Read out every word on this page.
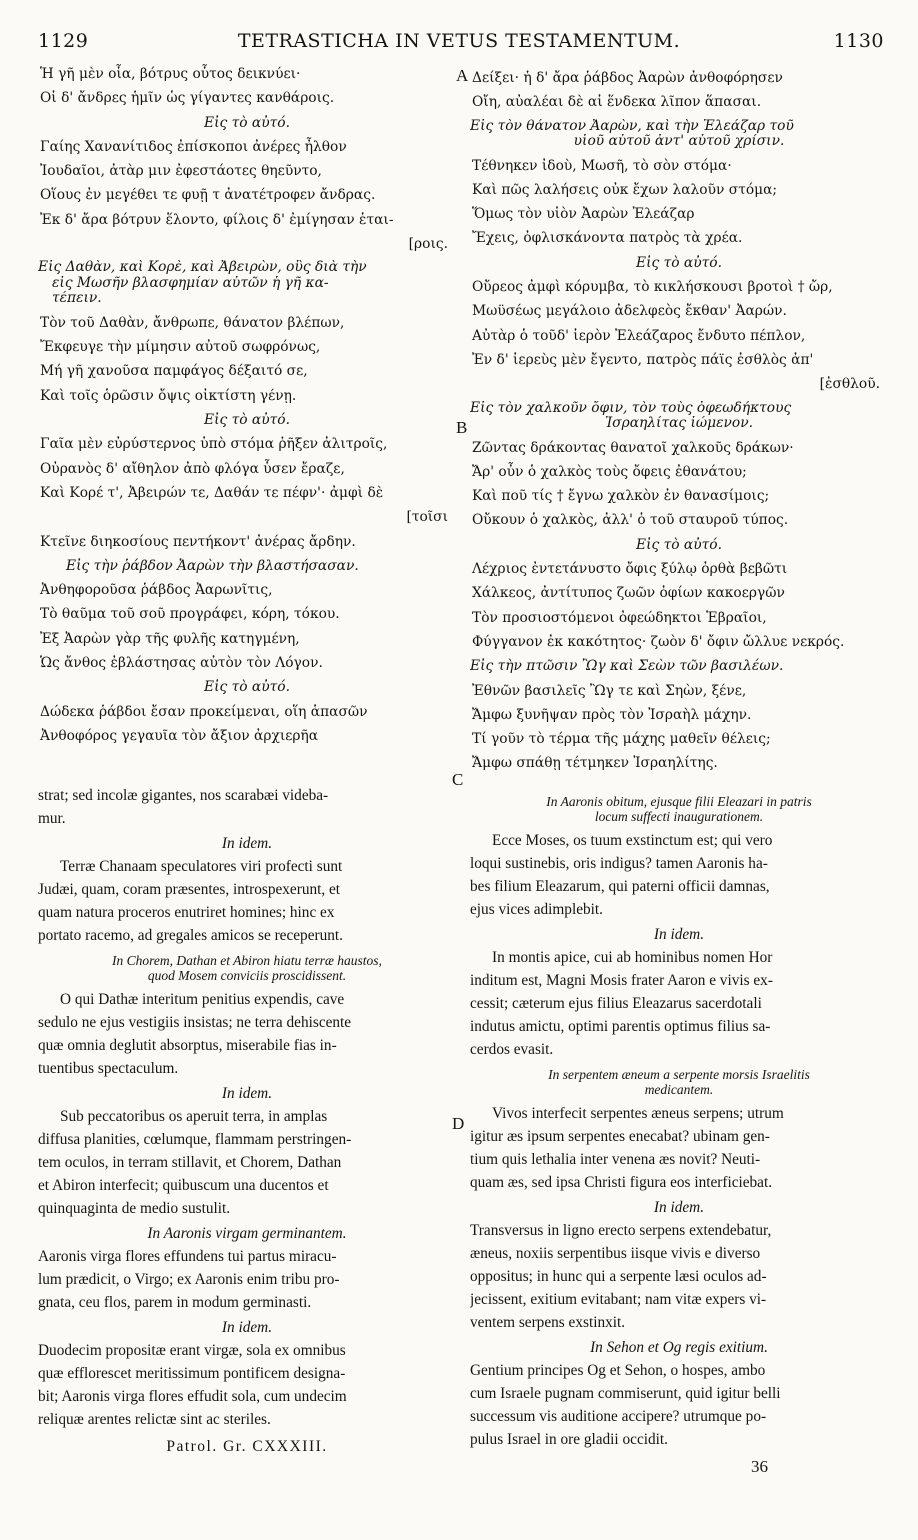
1129	TETRASTICHA IN VETUS TESTAMENTUM.	1130
A
B
C
D
Ἡ γῆ μὲν οἷα, βότρυς οὗτος δεικνύει·
Οἱ δ' ἄνδρες ἡμῖν ὡς γίγαντες κανθάροις.
Εἰς τὸ αὐτό.
Γαίης Χαναν‍ίτιδος ἐπίσκοποι ἀνέρες ἦλθον
Ἰουδαῖοι, ἀτὰρ μιν ἐφεστάοτες θηεῦντο,
Οἵους ἐν μεγέθει τε φυῇ τ ἀνατέτροφεν ἄνδρας.
Ἐκ δ' ἄρα βότρυν ἕλοντο, φίλοις δ' ἐμίγησαν ἑται-
[ροις.
Εἰς Δαθὰν, καὶ Κορὲ, καὶ Ἀβειρὼν, οὓς διὰ τὴν
εἰς Μωσῆν βλασφημίαν αὐτῶν ἡ γῆ κα-
τέπειν.
Τὸν τοῦ Δαθὰν, ἄνθρωπε, θάνατον βλέπων,
Ἔκφευγε τὴν μίμησιν αὐτοῦ σωφρόνως,
Μή γῆ χανοῦσα παμφάγος δέξαιτό σε,
Καὶ τοῖς ὁρῶσιν ὄψις οἰκτίστη γένῃ.
Εἰς τὸ αὐτό.
Γαῖα μὲν εὐρύστερνος ὑπὸ στόμα ῥῆξεν ἀλιτροῖς,
Οὐρανὸς δ' αἴθηλον ἀπὸ φλόγα ὗσεν ἔραζε,
Καὶ Κορέ τ', Ἀβειρών τε, Δαθάν τε πέφν'· ἀμφὶ δὲ
[τοῖσι
Κτεῖνε διηκοσίους πεντήκοντ' ἀνέρας ἄρδην.
Εἰς τὴν ῥάβδον Ἀαρὼν τὴν βλαστήσασαν.
Ἀνθηφοροῦσα ῥάβδος Ἀαρωνῖτις,
Τὸ θαῦμα τοῦ σοῦ προγράφει, κόρη, τόκου.
Ἐξ Ἀαρὼν γὰρ τῆς φυλῆς κατηγμένη,
Ὡς ἄνθος ἐβλάστησας αὐτὸν τὸν Λόγον.
Εἰς τὸ αὐτό.
Δώδεκα ῥάβδοι ἔσαν προκείμεναι, οἵη ἁπασῶν
Ἀνθοφόρος γεγαυῖα τὸν ἄξιον ἀρχιερῆα
Δείξει· ἡ δ' ἄρα ῥάβδος Ἀαρὼν ἀνθοφόρησεν
Οἴη, αὐαλέαι δὲ αἱ ἕνδεκα λῖπον ἅπασαι.
Εἰς τὸν θάνατον Ἀαρὼν, καὶ τὴν Ἐλεάζαρ τοῦ
υἱοῦ αὐτοῦ ἀντ' αὐτοῦ χρίσιν.
Τέθνηκεν ἰδοὺ, Μωσῆ, τὸ σὸν στόμα·
Καὶ πῶς λαλήσεις οὐκ ἔχων λαλοῦν στόμα;
Ὅμως τὸν υἱὸν Ἀαρὼν Ἐλεάζαρ
Ἔχεις, ὀφλισκάνοντα πατρὸς τὰ χρέα.
Εἰς τὸ αὐτό.
Οὔρεος ἀμφὶ κόρυμβα, τὸ κικλήσκουσι βροτοὶ † ὤρ,
Μωϋσέως μεγάλοιο ἀδελφεὸς ἔκθαν' Ἀαρών.
Αὐτὰρ ὁ τοῦδ' ἱερὸν Ἐλεάζαρος ἔνδυτο πέπλον,
Ἐν δ' ἱερεὺς μὲν ἔγεντο, πατρὸς πάϊς ἐσθλὸς ἀπ'
[ἐσθλοῦ.
Εἰς τὸν χαλκοῦν ὄφιν, τὸν τοὺς ὀφεωδήκτους
Ἰσραηλίτας ἰώμενον.
Ζῶντας δράκοντας θανατοῖ χαλκοῦς δράκων·
Ἄρ' οὖν ὁ χαλκὸς τοὺς ὄφεις ἐθανάτου;
Καὶ ποῦ τίς † ἔγνω χαλκὸν ἐν θανασίμοις;
Οὔκουν ὁ χαλκὸς, ἀλλ' ὁ τοῦ σταυροῦ τύπος.
Εἰς τὸ αὐτό.
Λέχριος ἐντετάνυστο ὄφις ξύλῳ ὀρθὰ βεβῶτι
Χάλκεος, ἀντίτυπος ζωῶν ὀφίων κακοεργῶν
Τὸν προσιοστόμενοι ὀφεώδηκτοι Ἑβραῖοι,
Φύγγανον ἐκ κακότητος· ζωὸν δ' ὄφιν ὤλλυε νεκρός.
Εἰς τὴν πτῶσιν Ὢγ καὶ Σεὼν τῶν βασιλέων.
Ἐθνῶν βασιλεῖς Ὢγ τε καὶ Σηὼν, ξένε,
Ἄμφω ξυνῆψαν πρὸς τὸν Ἰσραὴλ μάχην.
Τί γοῦν τὸ τέρμα τῆς μάχης μαθεῖν θέλεις;
Ἄμφω σπάθῃ τέτμηκεν Ἰσραηλίτης.
strat; sed incolæ gigantes, nos scarabæi videba-
mur.
In idem.
Terræ Chanaam speculatores viri profecti sunt
Judæi, quam, coram præsentes, introspexerunt, et
quam natura proceros enutriret homines; hinc ex
portato racemo, ad gregales amicos se receperunt.
In Chorem, Dathan et Abiron hiatu terræ haustos,
quod Mosem conviciis proscidissent.
O qui Dathæ interitum penitius expendis, cave
sedulo ne ejus vestigiis insistas; ne terra dehiscente
quæ omnia deglutit absorptus, miserabile fias in-
tuentibus spectaculum.
In idem.
Sub peccatoribus os aperuit terra, in amplas
diffusa planities, cœlumque, flammam perstringen-
tem oculos, in terram stillavit, et Chorem, Dathan
et Abiron interfecit; quibuscum una ducentos et
quinquaginta de medio sustulit.
In Aaronis virgam germinantem.
Aaronis virga flores effundens tui partus miracu-
lum prædicit, o Virgo; ex Aaronis enim tribu pro-
gnata, ceu flos, parem in modum germinasti.
In idem.
Duodecim propositæ erant virgæ, sola ex omnibus
quæ efflorescet meritissimum pontificem designa-
bit; Aaronis virga flores effudit sola, cum undecim
reliquæ arentes relictæ sint ac steriles.
Patrol. Gr. CXXXIII.
In Aaronis obitum, ejusque filii Eleazari in patris
locum suffecti inaugurationem.
Ecce Moses, os tuum exstinctum est; qui vero
loqui sustinebis, oris indigus? tamen Aaronis ha-
bes filium Eleazarum, qui paterni officii damnas,
ejus vices adimplebit.
In idem.
In montis apice, cui ab hominibus nomen Hor
inditum est, Magni Mosis frater Aaron e vivis ex-
cessit; cæterum ejus filius Eleazarus sacerdotali
indutus amictu, optimi parentis optimus filius sa-
cerdos evasit.
In serpentem æneum a serpente morsis Israelitis
medicantem.
Vivos interfecit serpentes æneus serpens; utrum
igitur æs ipsum serpentes enecabat? ubinam gen-
tium quis lethalia inter venena æs novit? Neuti-
quam æs, sed ipsa Christi figura eos interficiebat.
In idem.
Transversus in ligno erecto serpens extendebatur,
æneus, noxiis serpentibus iisque vivis e diverso
oppositus; in hunc qui a serpente læsi oculos ad-
jecissent, exitium evitabant; nam vitæ expers vi-
ventem serpens exstinxit.
In Sehon et Og regis exitium.
Gentium principes Og et Sehon, o hospes, ambo
cum Israele pugnam commiserunt, quid igitur belli
successum vis auditione accipere? utrumque po-
pulus Israel in ore gladii occidit.
36
